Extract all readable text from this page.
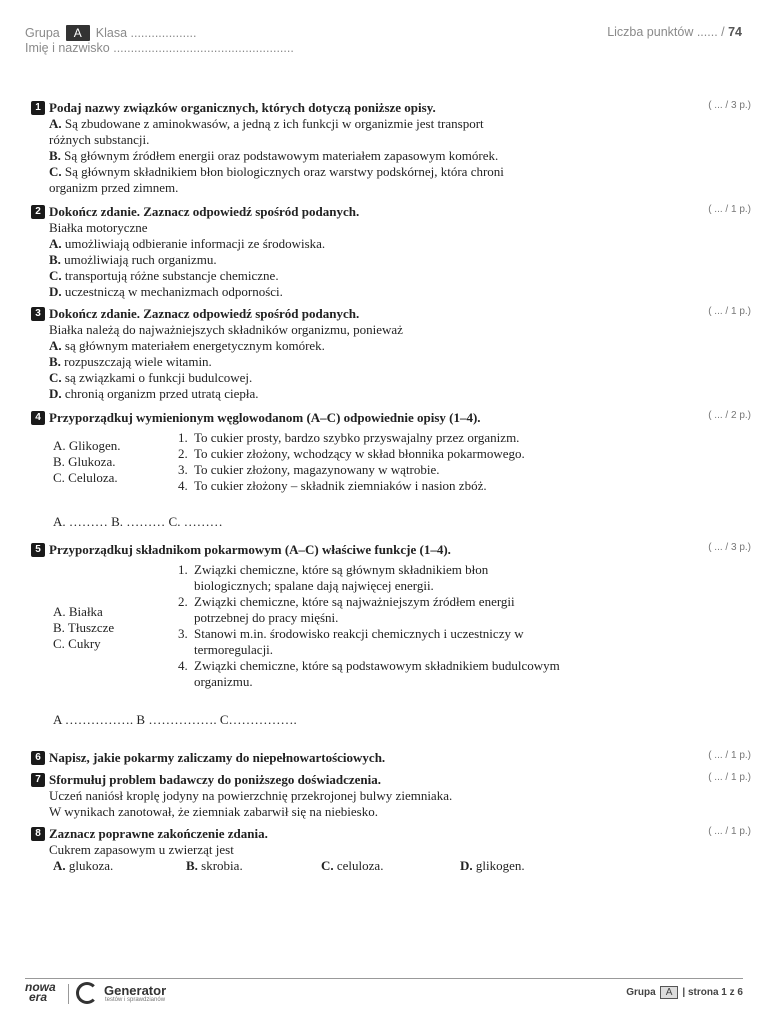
Grupa	A	Klasa ...................
Imię i nazwisko ....................................................
Liczba punktów ...... / 74
1 Podaj nazwy związków organicznych, których dotyczą poniższe opisy.	( ... / 3 p.)
A. Są zbudowane z aminokwasów, a jedną z ich funkcji w organizmie jest transport
różnych substancji.
B. Są głównym źródłem energii oraz podstawowym materiałem zapasowym komórek.
C. Są głównym składnikiem błon biologicznych oraz warstwy podskórnej, która chroni
organizm przed zimnem.
2 Dokończ zdanie. Zaznacz odpowiedź spośród podanych.	( ... / 1 p.)
Białka motoryczne
A. umożliwiają odbieranie informacji ze środowiska.
B. umożliwiają ruch organizmu.
C. transportują różne substancje chemiczne.
D. uczestniczą w mechanizmach odporności.
3 Dokończ zdanie. Zaznacz odpowiedź spośród podanych.	( ... / 1 p.)
Białka należą do najważniejszych składników organizmu, ponieważ
A. są głównym materiałem energetycznym komórek.
B. rozpuszczają wiele witamin.
C. są związkami o funkcji budulcowej.
D. chronią organizm przed utratą ciepła.
4 Przyporządkuj wymienionym węglowodanom (A–C) odpowiednie opisy (1–4).	( ... / 2 p.)
A. Glikogen.
B. Glukoza.
C. Celuloza.
1. To cukier prosty, bardzo szybko przyswajalny przez organizm.
2. To cukier złożony, wchodzący w skład błonnika pokarmowego.
3. To cukier złożony, magazynowany w wątrobie.
4. To cukier złożony – składnik ziemniaków i nasion zbóż.
A. ……… B. ……… C. ………
5 Przyporządkuj składnikom pokarmowym (A–C) właściwe funkcje (1–4).	( ... / 3 p.)
A. Białka
B. Tłuszcze
C. Cukry
1. Związki chemiczne, które są głównym składnikiem błon biologicznych; spalane dają najwięcej energii.
2. Związki chemiczne, które są najważniejszym źródłem energii potrzebnej do pracy mięśni.
3. Stanowi m.in. środowisko reakcji chemicznych i uczestniczy w termoregulacji.
4. Związki chemiczne, które są podstawowym składnikiem budulcowym organizmu.
A ……………. B ……………. C…………….
6 Napisz, jakie pokarmy zaliczamy do niepełnowartościowych.	( ... / 1 p.)
7 Sformułuj problem badawczy do poniższego doświadczenia.	( ... / 1 p.)
Uczeń naniósł kroplę jodyny na powierzchnię przekrojonej bulwy ziemniaka.
W wynikach zanotował, że ziemniak zabarwił się na niebiesko.
8 Zaznacz poprawne zakończenie zdania.	( ... / 1 p.)
Cukrem zapasowym u zwierząt jest
A. glukoza.	B. skrobia.	C. celuloza.	D. glikogen.
nowa
era	Generator
testów i sprawdzianów
Grupa	A	| strona 1 z 6
